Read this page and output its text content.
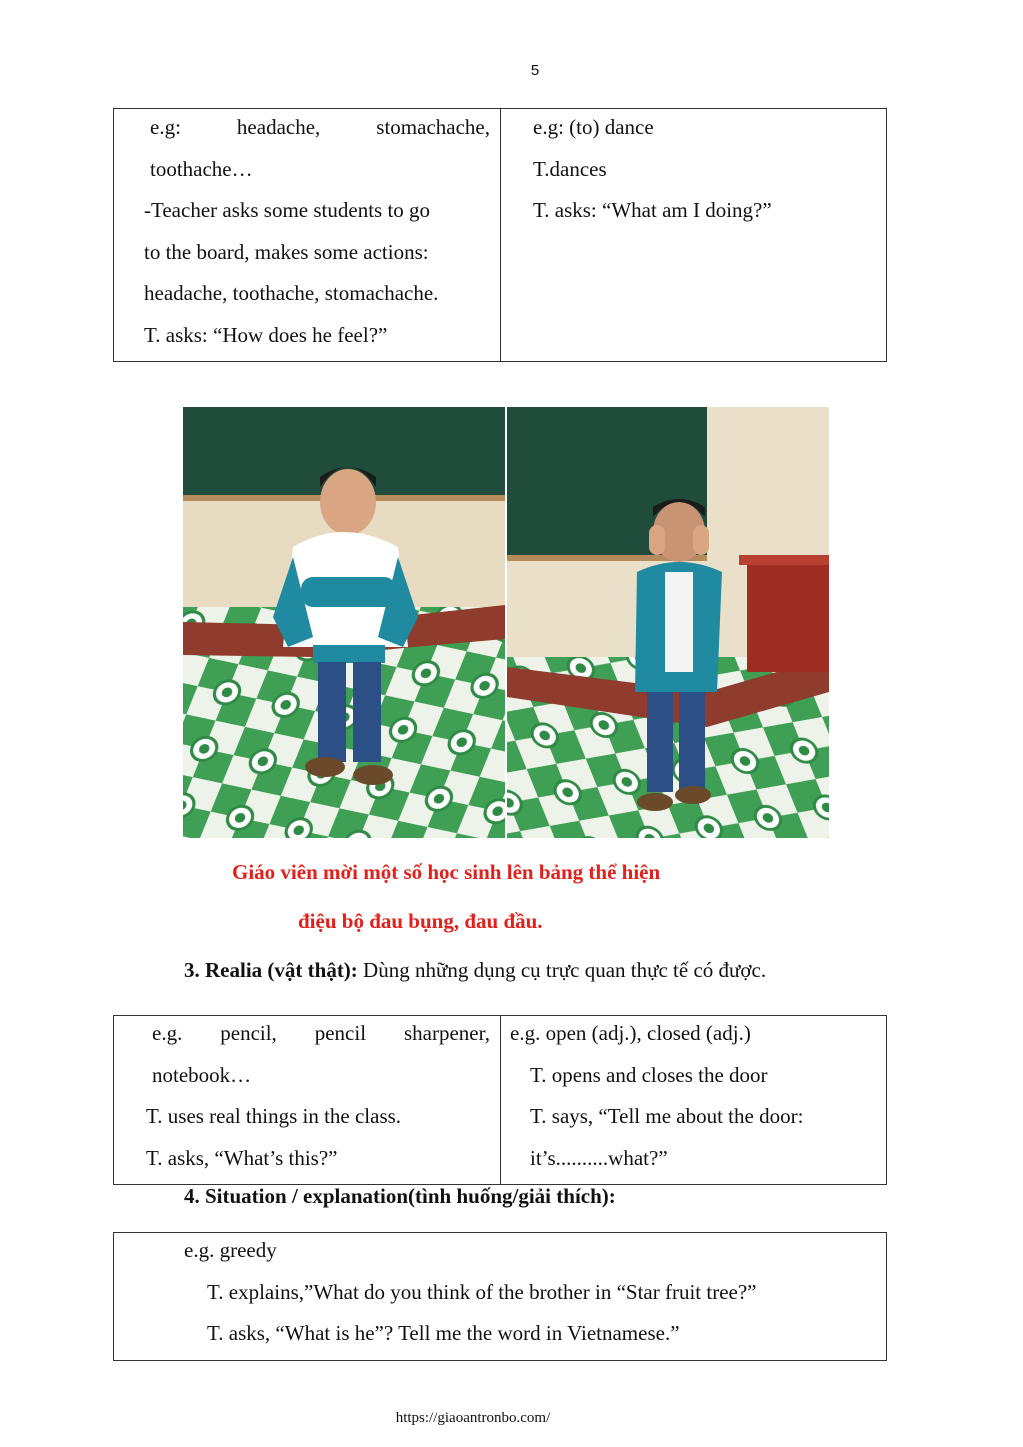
5
e.g: headache, stomachache,
toothache…
-Teacher asks some students to go
to the board, makes some actions:
headache, toothache, stomachache.
T. asks: “How does he feel?”

e.g: (to) dance
T.dances
T. asks: “What am I doing?”
Giáo viên mời một số học sinh lên bảng thể hiện
điệu bộ đau bụng, đau đầu.
3. Realia (vật thật): Dùng những dụng cụ trực quan thực tế có được.
e.g. pencil, pencil sharpener,
notebook…
T. uses real things in the class.
T. asks, “What’s this?”

e.g. open (adj.), closed (adj.)
T. opens and closes the door
T. says, “Tell me about the door:
it’s..........what?”
4. Situation / explanation(tình huống/giải thích):
e.g. greedy
T. explains,”What do you think of the brother in “Star fruit tree?”
T. asks, “What is he”? Tell me the word in Vietnamese.”
https://giaoantronbo.com/
